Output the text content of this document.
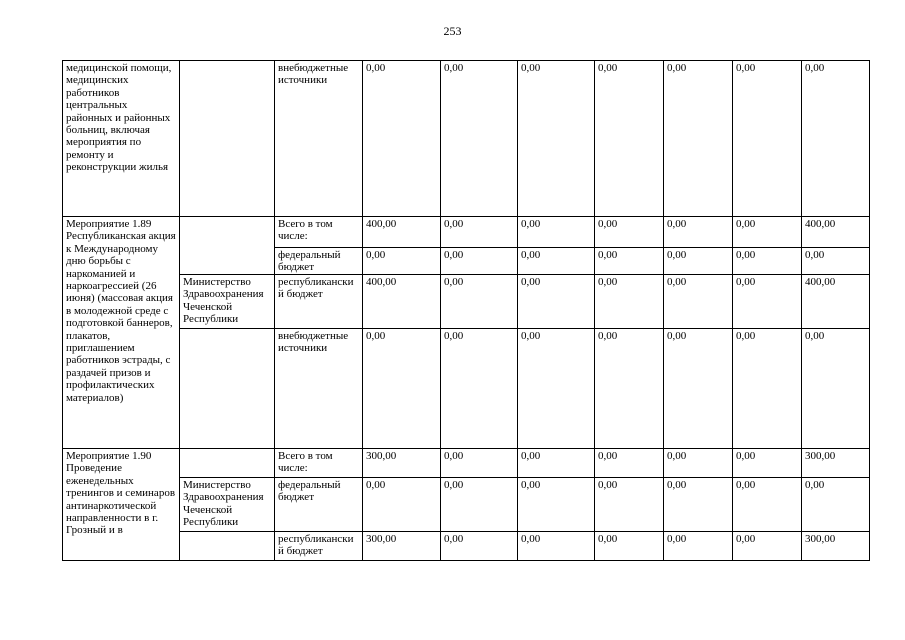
253
медицинской помощи, медицинских работников центральных районных и районных больниц, включая мероприятия по ремонту и реконструкции жилья		внебюджетные источники	0,00	0,00	0,00	0,00	0,00	0,00	0,00
Мероприятие 1.89 Республиканская акция к Международному дню борьбы с наркоманией и наркоагрессией (26 июня) (массовая акция в молодежной среде с подготовкой баннеров, плакатов, приглашением работников эстрады, с раздачей призов и профилактических материалов)		Всего в том числе:	400,00	0,00	0,00	0,00	0,00	0,00	400,00
		федеральный бюджет	0,00	0,00	0,00	0,00	0,00	0,00	0,00
	Министерство Здравоохранения Чеченской Республики	республиканский бюджет	400,00	0,00	0,00	0,00	0,00	0,00	400,00
		внебюджетные источники	0,00	0,00	0,00	0,00	0,00	0,00	0,00
Мероприятие 1.90 Проведение еженедельных тренингов и семинаров антинаркотической направленности в г. Грозный и в		Всего в том числе:	300,00	0,00	0,00	0,00	0,00	0,00	300,00
	Министерство Здравоохранения Чеченской Республики	федеральный бюджет	0,00	0,00	0,00	0,00	0,00	0,00	0,00
		республиканский бюджет	300,00	0,00	0,00	0,00	0,00	0,00	300,00
